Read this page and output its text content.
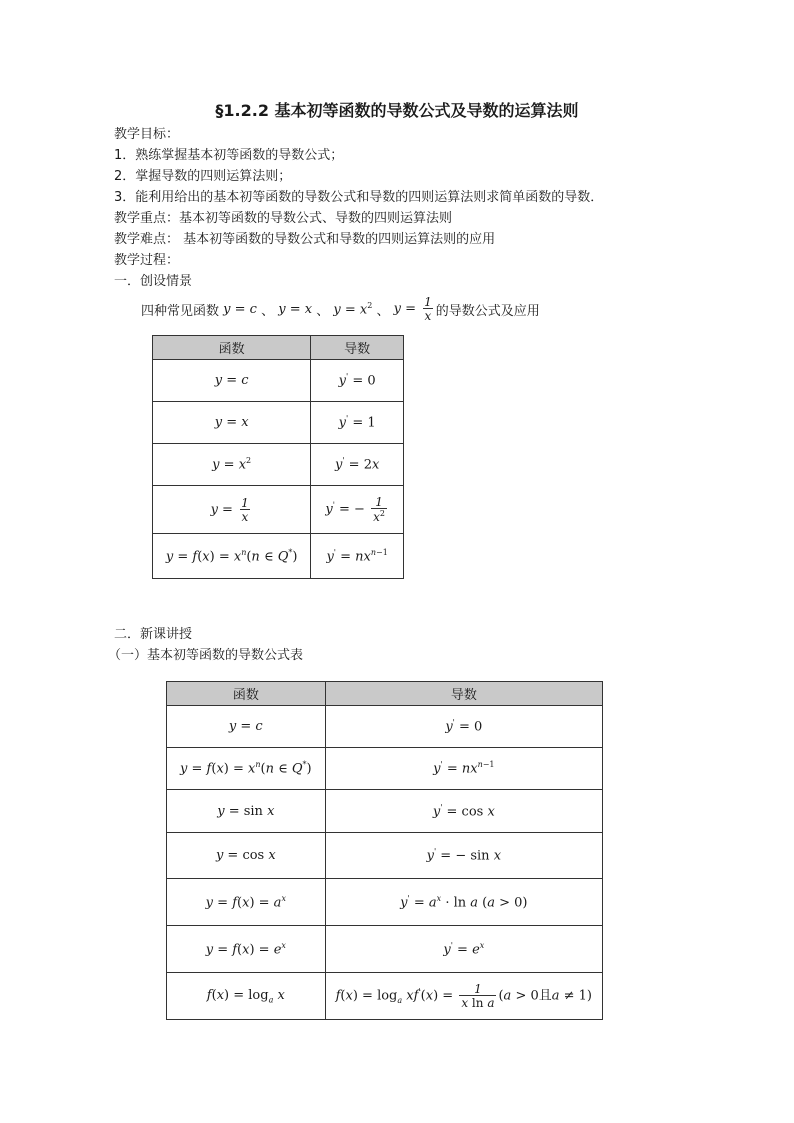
§1.2.2 基本初等函数的导数公式及导数的运算法则
教学目标：
1．熟练掌握基本初等函数的导数公式；
2．掌握导数的四则运算法则；
3．能利用给出的基本初等函数的导数公式和导数的四则运算法则求简单函数的导数．
教学重点：基本初等函数的导数公式、导数的四则运算法则
教学难点： 基本初等函数的导数公式和导数的四则运算法则的应用
教学过程：
一．创设情景
四种常见函数 y = c 、 y = x 、 $y = x^2$ 、 $y = \frac{1}{x}$ 的导数公式及应用
函数	导数
y = c	y' = 0
y = x	y' = 1
$y = x^2$	y' = 2x
$y = \frac{1}{x}$	y' = − $\frac{1}{x^2}$

$y = f(x) = x^n(n$ ∈ Q*)	$y' = nx^{n-1}$
二．新课讲授
（一）基本初等函数的导数公式表
函数	导数
y = c	y' = 0
$y = f(x) = x^n(n$ ∈ Q*)	$y' = nx^{n-1}$
y = sin x	y' = cos x
y = cos x	y' = − sin x
$y = f(x) = a^x$	$y' = a^x \cdot \ln a$ (a > 0)
$y = f(x) = e^x$	$y' = e^x$
$f(x) = \log_a x$	$f(x) = \log_a xf'(x) = \frac{1}{\text{x ln a}} (a > 0$且a ≠ 1)
